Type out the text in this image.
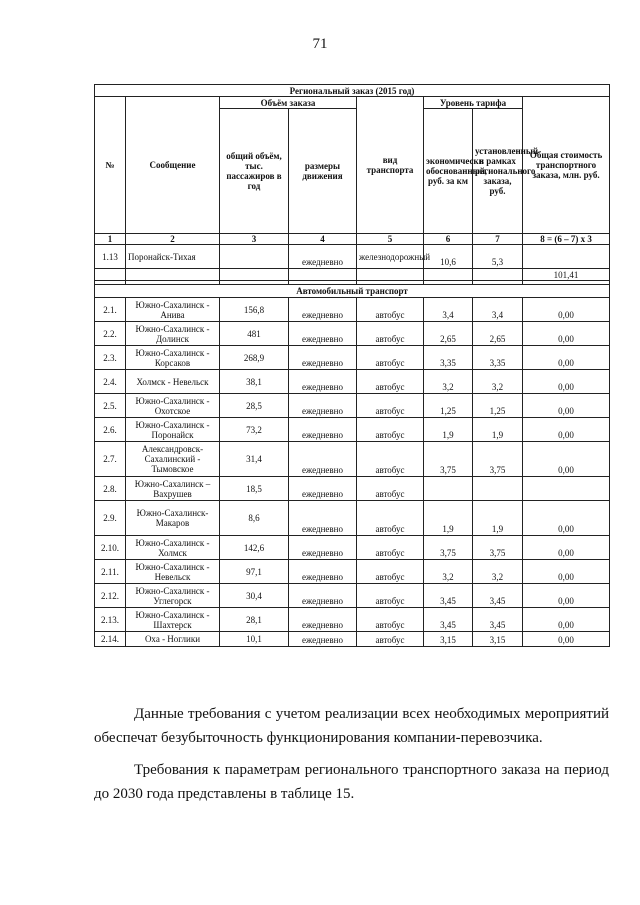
71
Региональный заказ (2015 год)							
№	Сообщение	Объём заказа		вид транспорта	Уровень тарифа		Общая стоимость транспортного заказа, млн. руб.
		общий объём, тыс. пассажиров в год	размеры движения		экономически обоснованный, руб. за км	установленный в рамках регионального заказа, руб.	
1	2	3	4	5	6	7	8 = (6 – 7) x 3
1.13	Поронайск-Тихая		ежедневно	железнодорожный	10,6	5,3	
							101,41

Автомобильный транспорт							
2.1.	Южно-Сахалинск - Анива	156,8	ежедневно	автобус	3,4	3,4	0,00
2.2.	Южно-Сахалинск - Долинск	481	ежедневно	автобус	2,65	2,65	0,00
2.3.	Южно-Сахалинск - Корсаков	268,9	ежедневно	автобус	3,35	3,35	0,00
2.4.	Холмск - Невельск	38,1	ежедневно	автобус	3,2	3,2	0,00
2.5.	Южно-Сахалинск - Охотское	28,5	ежедневно	автобус	1,25	1,25	0,00
2.6.	Южно-Сахалинск - Поронайск	73,2	ежедневно	автобус	1,9	1,9	0,00
2.7.	Александровск-Сахалинский - Тымовское	31,4	ежедневно	автобус	3,75	3,75	0,00
2.8.	Южно-Сахалинск – Вахрушев	18,5	ежедневно	автобус			
2.9.	Южно-Сахалинск- Макаров	8,6	ежедневно	автобус	1,9	1,9	0,00
2.10.	Южно-Сахалинск - Холмск	142,6	ежедневно	автобус	3,75	3,75	0,00
2.11.	Южно-Сахалинск - Невельск	97,1	ежедневно	автобус	3,2	3,2	0,00
2.12.	Южно-Сахалинск - Углегорск	30,4	ежедневно	автобус	3,45	3,45	0,00
2.13.	Южно-Сахалинск - Шахтерск	28,1	ежедневно	автобус	3,45	3,45	0,00
2.14.	Оха - Ноглики	10,1	ежедневно	автобус	3,15	3,15	0,00
Данные требования с учетом реализации всех необходимых мероприятий обеспечат безубыточность функционирования компании-перевозчика.
Требования к параметрам регионального транспортного заказа на период до 2030 года представлены в таблице 15.
